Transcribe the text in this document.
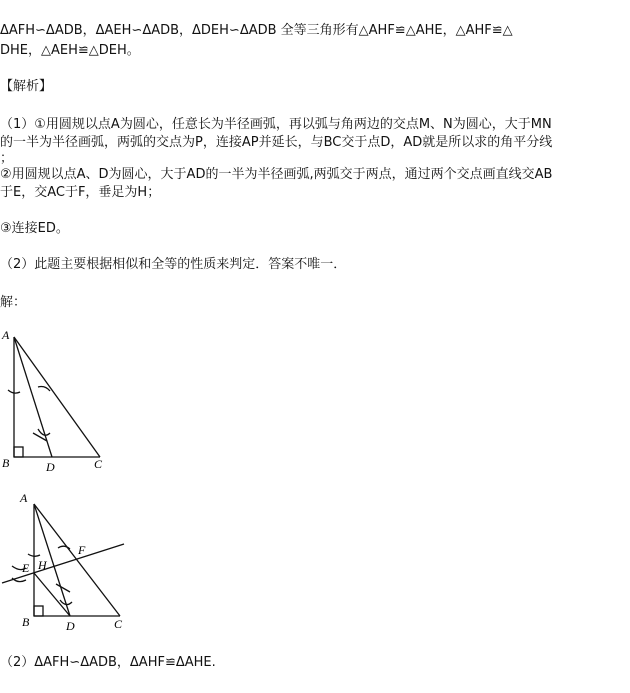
ΔAFH∽ΔADB，ΔAEH∽ΔADB，ΔDEH∽ΔADB 全等三角形有△AHF≌△AHE，△AHF≌△
DHE，△AEH≌△DEH。
【解析】
（1）①用圆规以点A为圆心，任意长为半径画弧，再以弧与角两边的交点M、N为圆心，大于MN
的一半为半径画弧，两弧的交点为P，连接AP并延长，与BC交于点D，AD就是所以求的角平分线
；
②用圆规以点A、D为圆心，大于AD的一半为半径画弧,两弧交于两点，通过两个交点画直线交AB
于E，交AC于F，垂足为H；
③连接ED。
（2）此题主要根据相似和全等的性质来判定．答案不唯一．
解：
A
B	D	C
A
F
H
E
B	D	C
（2）ΔAFH∽ΔADB，ΔAHF≌ΔAHE.
